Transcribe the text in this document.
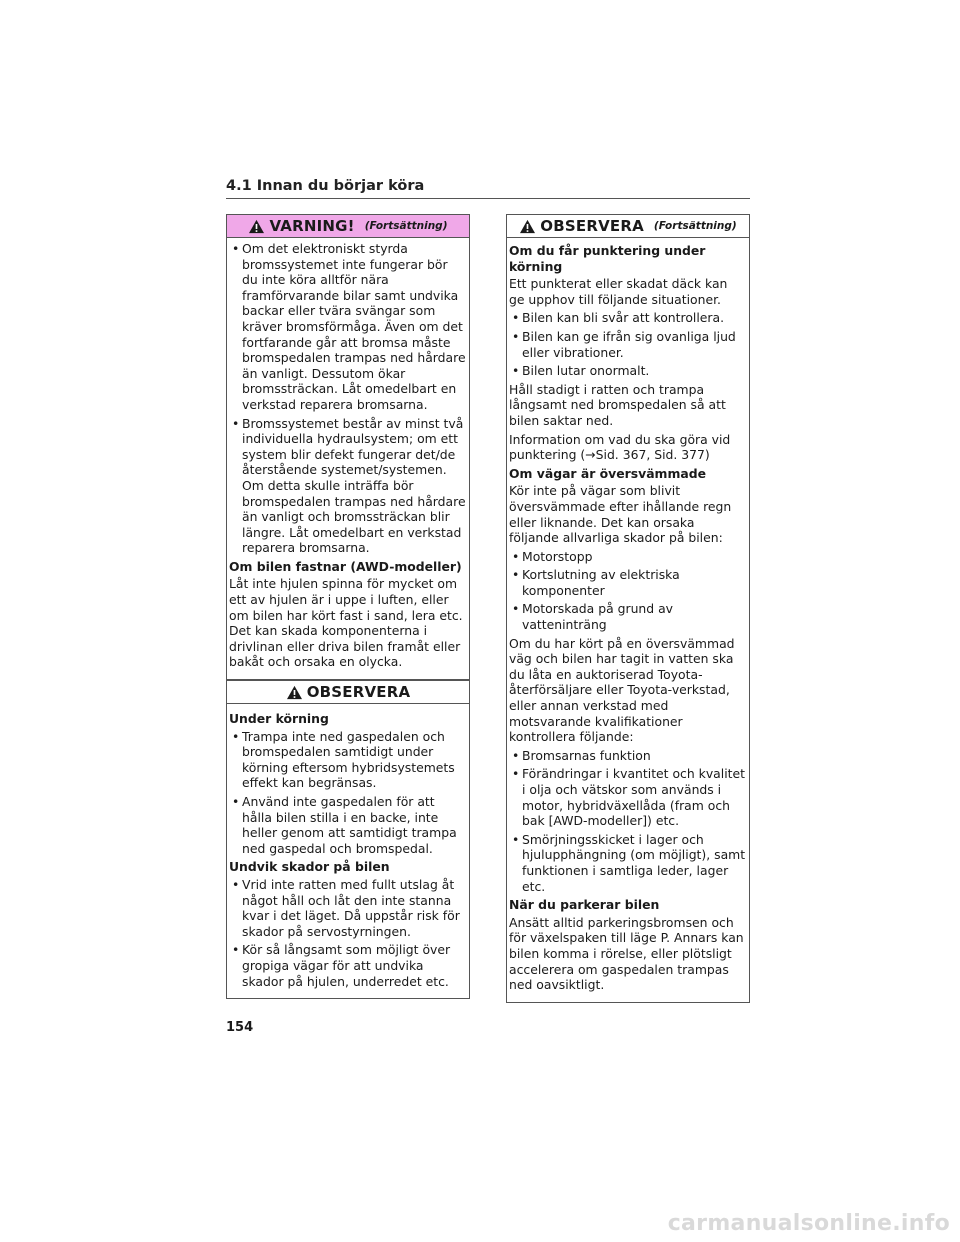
4.1 Innan du börjar köra
VARNING! (Fortsättning)
• Om det elektroniskt styrda bromssystemet inte fungerar bör du inte köra alltför nära framförvarande bilar samt undvika backar eller tvära svängar som kräver bromsförmåga. Även om det fortfarande går att bromsa måste bromspedalen trampas ned hårdare än vanligt. Dessutom ökar bromssträckan. Låt omedelbart en verkstad reparera bromsarna.
• Bromssystemet består av minst två individuella hydraulsystem; om ett system blir defekt fungerar det/de återstående systemet/systemen. Om detta skulle inträffa bör bromspedalen trampas ned hårdare än vanligt och bromssträckan blir längre. Låt omedelbart en verkstad reparera bromsarna.

Om bilen fastnar (AWD-modeller)

Låt inte hjulen spinna för mycket om ett av hjulen är i uppe i luften, eller om bilen har kört fast i sand, lera etc. Det kan skada komponenterna i drivlinan eller driva bilen framåt eller bakåt och orsaka en olycka.

OBSERVERA

Under körning

• Trampa inte ned gaspedalen och bromspedalen samtidigt under körning eftersom hybridsystemets effekt kan begränsas.
• Använd inte gaspedalen för att hålla bilen stilla i en backe, inte heller genom att samtidigt trampa ned gaspedal och bromspedal.

Undvik skador på bilen

• Vrid inte ratten med fullt utslag åt något håll och låt den inte stanna kvar i det läget. Då uppstår risk för skador på servostyrningen.
• Kör så långsamt som möjligt över gropiga vägar för att undvika skador på hjulen, underredet etc.
OBSERVERA (Fortsättning)

Om du får punktering under körning

Ett punkterat eller skadat däck kan ge upphov till följande situationer.

• Bilen kan bli svår att kontrollera.
• Bilen kan ge ifrån sig ovanliga ljud eller vibrationer.
• Bilen lutar onormalt.

Håll stadigt i ratten och trampa långsamt ned bromspedalen så att bilen saktar ned.

Information om vad du ska göra vid punktering (→Sid. 367, Sid. 377)

Om vägar är översvämmade

Kör inte på vägar som blivit översvämmade efter ihållande regn eller liknande. Det kan orsaka följande allvarliga skador på bilen:

• Motorstopp
• Kortslutning av elektriska komponenter
• Motorskada på grund av vatteninträng

Om du har kört på en översvämmad väg och bilen har tagit in vatten ska du låta en auktoriserad Toyota-återförsäljare eller Toyota-verkstad, eller annan verkstad med motsvarande kvalifikationer kontrollera följande:

• Bromsarnas funktion
• Förändringar i kvantitet och kvalitet i olja och vätskor som används i motor, hybridväxellåda (fram och bak [AWD-modeller]) etc.
• Smörjningsskicket i lager och hjulupphängning (om möjligt), samt funktionen i samtliga leder, lager etc.

När du parkerar bilen

Ansätt alltid parkeringsbromsen och för växelspaken till läge P. Annars kan bilen komma i rörelse, eller plötsligt accelerera om gaspedalen trampas ned oavsiktligt.

154
carmanualsonline.info
